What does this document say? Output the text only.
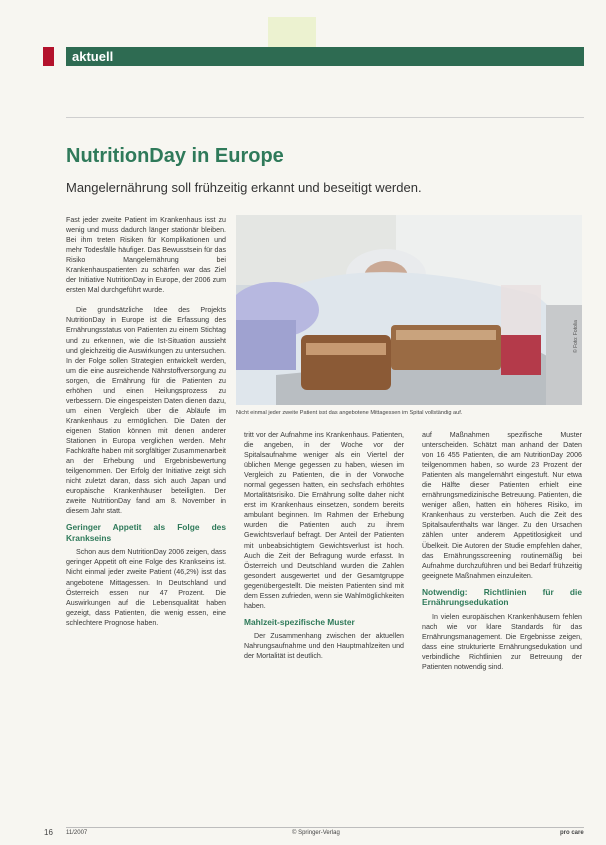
aktuell
NutritionDay in Europe
Mangelernährung soll frühzeitig erkannt und beseitigt werden.

Fast jeder zweite Patient im Krankenhaus isst zu wenig und muss dadurch länger stationär bleiben. Bei ihm treten Risiken für Komplikationen und mehr Todesfälle häufiger. Das Bewusstsein für das Risiko Mangelernährung bei Krankenhauspatienten zu schärfen war das Ziel der Initiative NutritionDay in Europe, der 2006 zum ersten Mal durchgeführt wurde.

Die grundsätzliche Idee des Projekts NutritionDay in Europe ist die Erfassung des Ernährungsstatus von Patienten zu einem Stichtag und zu erkennen, wie die Ist-Situation aussieht und gleichzeitig die Auswirkungen zu untersuchen. In der Folge sollen Strategien entwickelt werden, um die eine ausreichende Nährstoffversorgung zu sorgen, die Ernährung für die Patienten zu erhöhen und einen Heilungsprozess zu verbessern. Die eingespeisten Daten dienen dazu, um einen Vergleich über die Abläufe im Krankenhaus zu ermöglichen. Die Daten der eigenen Station können mit denen anderer Stationen in Europa verglichen werden. Mehr Fachkräfte haben mit sorgfältiger Zusammenarbeit an der Erhebung und Ergebnisbewertung teilgenommen. Der Erfolg der Initiative zeigt sich nicht zuletzt daran, dass sich auch Japan und europäische Krankenhäuser beteiligten. Der zweite NutritionDay fand am 8. November in diesem Jahr statt.

Geringer Appetit als Folge des Krankseins

Schon aus dem NutritionDay 2006 zeigen, dass geringer Appetit oft eine Folge des Krankseins ist. Nicht einmal jeder zweite Patient (46,2%) isst das angebotene Mittagessen. In Deutschland und Österreich essen nur 47 Prozent. Die Auswirkungen auf die Lebensqualität haben gezeigt, dass Patienten, die wenig essen, eine schlechtere Prognose haben.

© Foto: Fotolia
Nicht einmal jeder zweite Patient isst das angebotene Mittagessen im Spital vollständig auf.

tritt vor der Aufnahme ins Krankenhaus. Patienten, die angeben, in der Woche vor der Spitalsaufnahme weniger als ein Viertel der üblichen Menge gegessen zu haben, wiesen im Vergleich zu Patienten, die in der Vorwoche normal gegessen hatten, ein sechsfach erhöhtes Mortalitätsrisiko. Die Ernährung sollte daher nicht erst im Krankenhaus einsetzen, sondern bereits ambulant beginnen. Im Rahmen der Erhebung wurden die Patienten auch zu ihrem Gewichtsverlauf befragt. Der Anteil der Patienten mit unbeabsichtigtem Gewichtsverlust ist hoch. Auch die Zeit der Befragung wurde erfasst. In Österreich und Deutschland wurden die Zahlen gesondert ausgewertet und der Gesamtgruppe gegenübergestellt. Die meisten Patienten sind mit dem Essen zufrieden, wenn sie Wahlmöglichkeiten haben.

Mahlzeit-spezifische Muster

Der Zusammenhang zwischen der aktuellen Nahrungsaufnahme und den Hauptmahlzeiten und der Mortalität ist deutlich.

auf Maßnahmen spezifische Muster unterscheiden. Schätzt man anhand der Daten von 16 455 Patienten, die am NutritionDay 2006 teilgenommen haben, so wurde 23 Prozent der Patienten als mangelernährt eingestuft. Nur etwa die Hälfte dieser Patienten erhielt eine ernährungsmedizinische Betreuung. Patienten, die weniger aßen, hatten ein höheres Risiko, im Krankenhaus zu versterben. Auch die Zeit des Spitalsaufenthalts war länger. Zu den Ursachen zählen unter anderem Appetitlosigkeit und Übelkeit. Die Autoren der Studie empfehlen daher, das Ernährungsscreening routinemäßig bei Aufnahme durchzuführen und bei Bedarf frühzeitig geeignete Maßnahmen einzuleiten.

Notwendig: Richtlinien für die Ernährungsedukation

In vielen europäischen Krankenhäusern fehlen nach wie vor klare Standards für das Ernährungsmanagement. Die Ergebnisse zeigen, dass eine strukturierte Ernährungsedukation und verbindliche Richtlinien zur Betreuung der Patienten notwendig sind.

16 11/2007	© Springer-Verlag	pro care
